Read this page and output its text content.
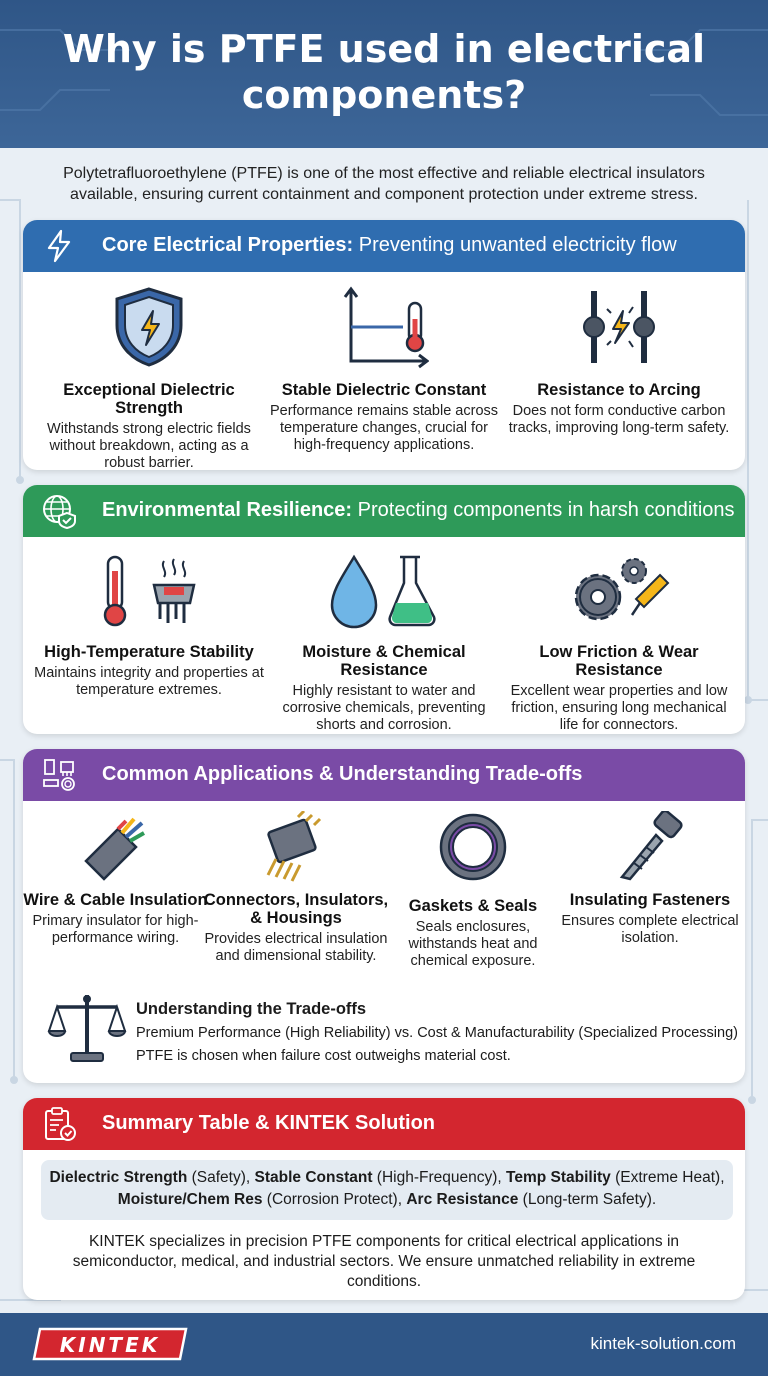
Why is PTFE used in electrical components?

Polytetrafluoroethylene (PTFE) is one of the most effective and reliable electrical insulators available, ensuring current containment and component protection under extreme stress.

Core Electrical Properties: Preventing unwanted electricity flow
Exceptional Dielectric Strength
Withstands strong electric fields without breakdown, acting as a robust barrier.
Stable Dielectric Constant
Performance remains stable across temperature changes, crucial for high-frequency applications.
Resistance to Arcing
Does not form conductive carbon tracks, improving long-term safety.
Environmental Resilience: Protecting components in harsh conditions
High-Temperature Stability
Maintains integrity and properties at temperature extremes.
Moisture & Chemical Resistance
Highly resistant to water and corrosive chemicals, preventing shorts and corrosion.
Low Friction & Wear Resistance
Excellent wear properties and low friction, ensuring long mechanical life for connectors.
Common Applications & Understanding Trade-offs
Wire & Cable Insulation
Primary insulator for high-performance wiring.
Connectors, Insulators, & Housings
Provides electrical insulation and dimensional stability.
Gaskets & Seals
Seals enclosures, withstands heat and chemical exposure.
Insulating Fasteners
Ensures complete electrical isolation.
Understanding the Trade-offs
Premium Performance (High Reliability) vs. Cost & Manufacturability (Specialized Processing)
PTFE is chosen when failure cost outweighs material cost.
Summary Table & KINTEK Solution
Dielectric Strength (Safety), Stable Constant (High-Frequency), Temp Stability (Extreme Heat),
Moisture/Chem Res (Corrosion Protect), Arc Resistance (Long-term Safety).
KINTEK specializes in precision PTFE components for critical electrical applications in semiconductor, medical, and industrial sectors. We ensure unmatched reliability in extreme conditions.
KINTEK	kintek-solution.com
